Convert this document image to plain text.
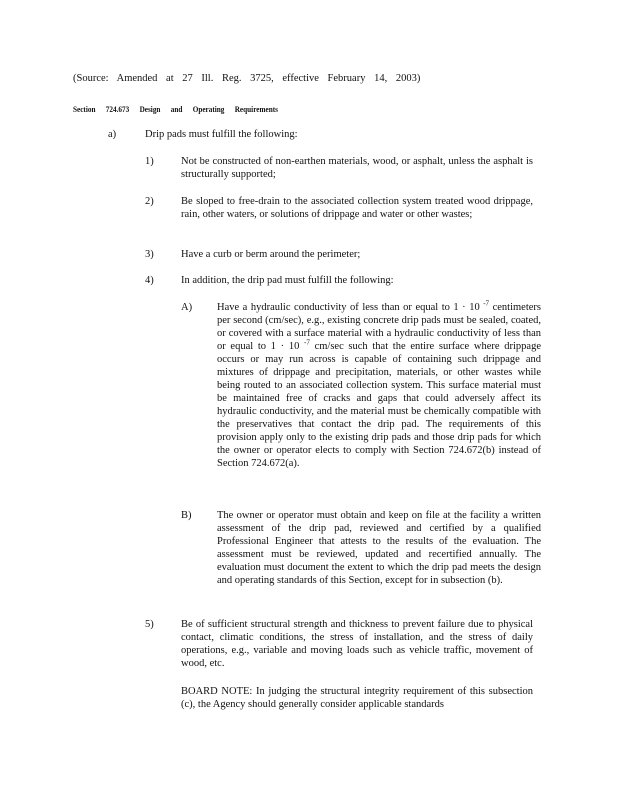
(Source: Amended at 27 Ill. Reg. 3725, effective February 14, 2003)
Section 724.673 Design and Operating Requirements
a)	Drip pads must fulfill the following:
1)	Not be constructed of non-earthen materials, wood, or asphalt, unless the asphalt is structurally supported;
2)	Be sloped to free-drain to the associated collection system treated wood drippage, rain, other waters, or solutions of drippage and water or other wastes;
3)	Have a curb or berm around the perimeter;
4)	In addition, the drip pad must fulfill the following:
A) Have a hydraulic conductivity of less than or equal to 1 · 10 $^{-7}$ centimeters per second (cm/sec), e.g., existing concrete drip pads must be sealed, coated, or covered with a surface material with a hydraulic conductivity of less than or equal to 1 · 10 $^{-7}$ cm/sec such that the entire surface where drippage occurs or may run across is capable of containing such drippage and mixtures of drippage and precipitation, materials, or other wastes while being routed to an associated collection system. This surface material must be maintained free of cracks and gaps that could adversely affect its hydraulic conductivity, and the material must be chemically compatible with the preservatives that contact the drip pad. The requirements of this provision apply only to the existing drip pads and those drip pads for which the owner or operator elects to comply with Section 724.672(b) instead of Section 724.672(a).
B) The owner or operator must obtain and keep on file at the facility a written assessment of the drip pad, reviewed and certified by a qualified Professional Engineer that attests to the results of the evaluation. The assessment must be reviewed, updated and recertified annually. The evaluation must document the extent to which the drip pad meets the design and operating standards of this Section, except for in subsection (b).
5)	Be of sufficient structural strength and thickness to prevent failure due to physical contact, climatic conditions, the stress of installation, and the stress of daily operations, e.g., variable and moving loads such as vehicle traffic, movement of wood, etc.
BOARD NOTE: In judging the structural integrity requirement of this subsection (c), the Agency should generally consider applicable standards
